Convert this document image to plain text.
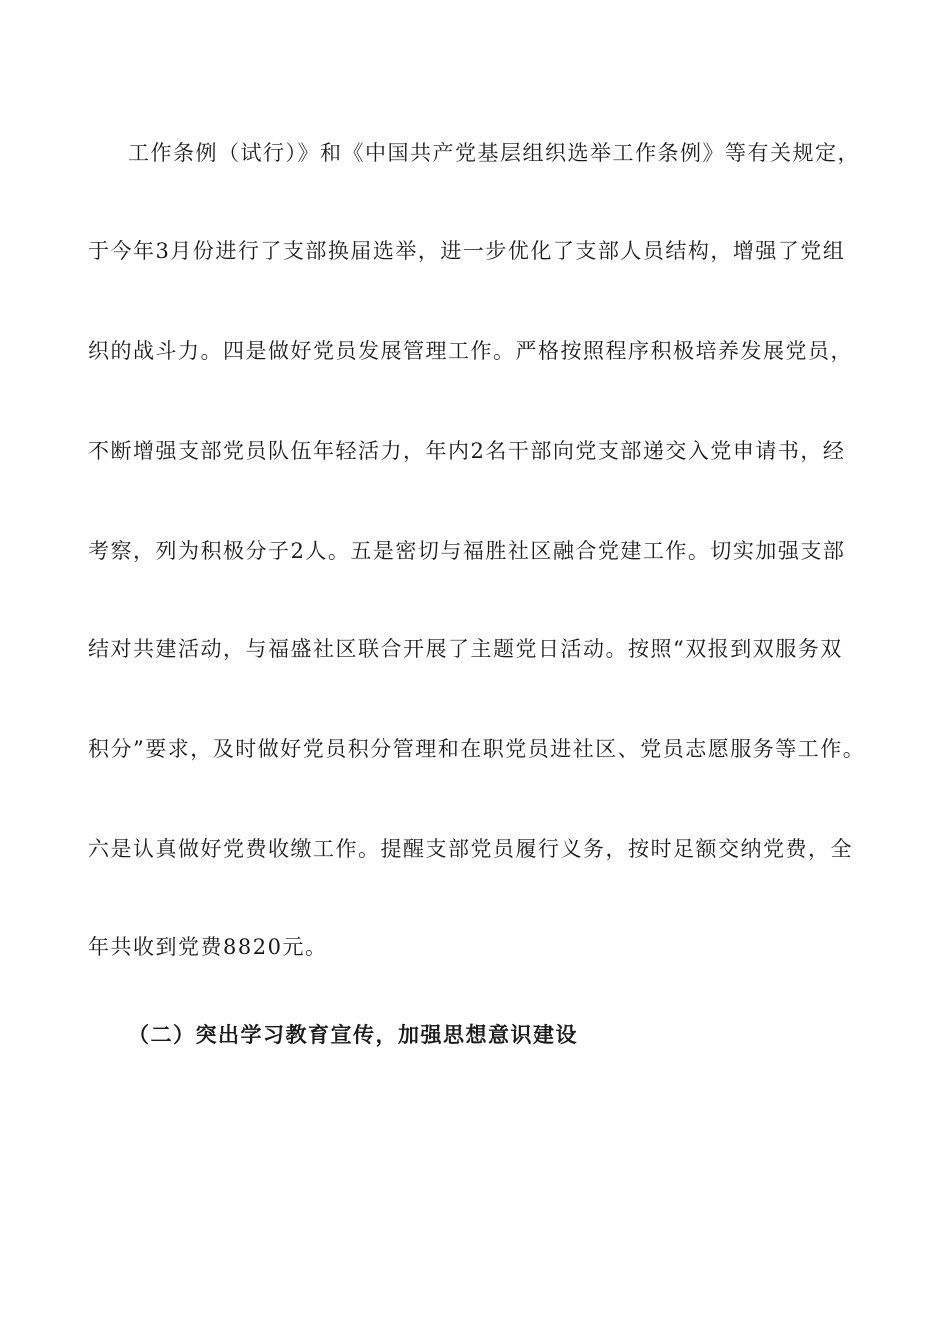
工作条例（试行）》和《中国共产党基层组织选举工作条例》等有关规定，
于今年3月份进行了支部换届选举，进一步优化了支部人员结构，增强了党组
织的战斗力。四是做好党员发展管理工作。严格按照程序积极培养发展党员，
不断增强支部党员队伍年轻活力，年内2名干部向党支部递交入党申请书，经
考察，列为积极分子2人。五是密切与福胜社区融合党建工作。切实加强支部
结对共建活动，与福盛社区联合开展了主题党日活动。按照“双报到双服务双
积分”要求，及时做好党员积分管理和在职党员进社区、党员志愿服务等工作。
六是认真做好党费收缴工作。提醒支部党员履行义务，按时足额交纳党费，全
年共收到党费8820元。
（二）突出学习教育宣传，加强思想意识建设
